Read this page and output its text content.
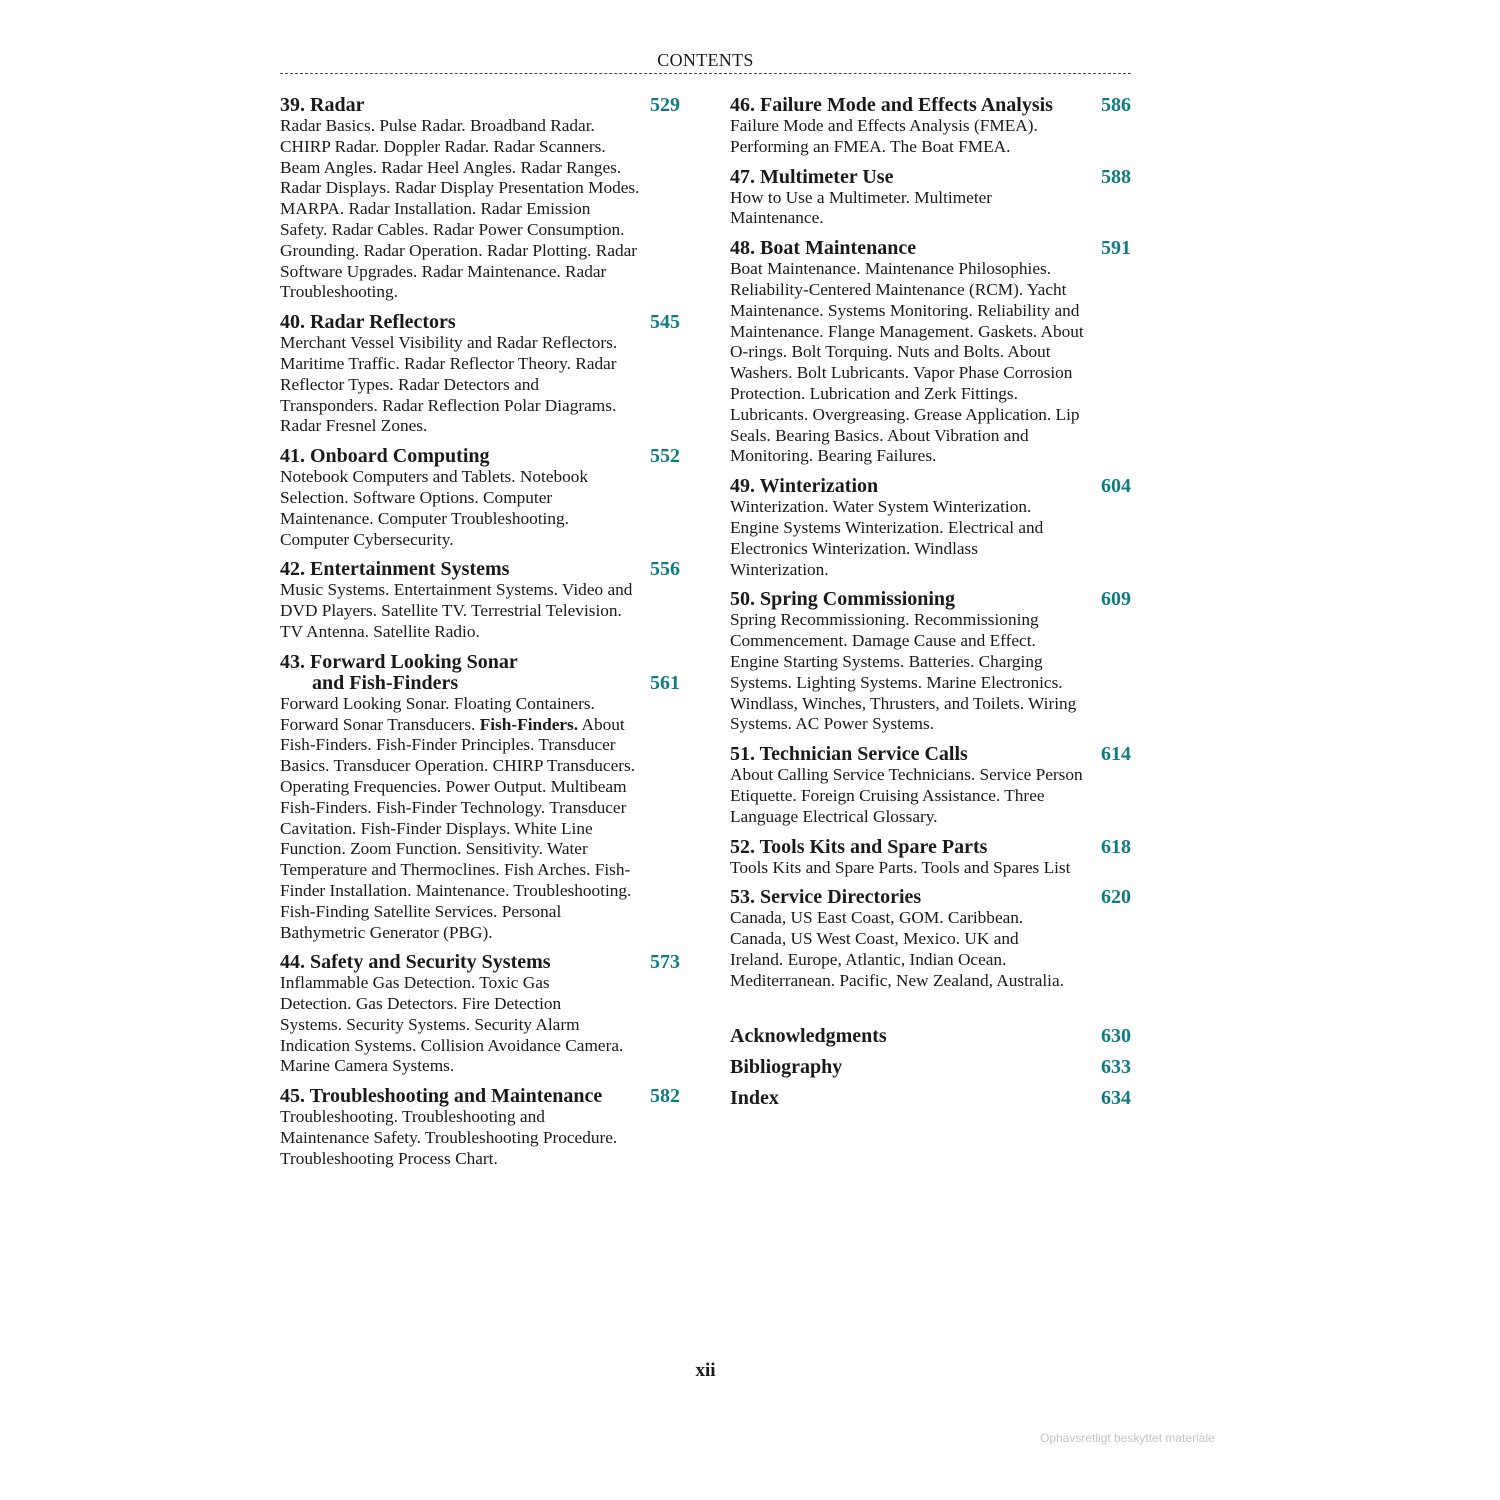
CONTENTS
39. Radar	529
Radar Basics. Pulse Radar. Broadband Radar. CHIRP Radar. Doppler Radar. Radar Scanners. Beam Angles. Radar Heel Angles. Radar Ranges. Radar Displays. Radar Display Presentation Modes. MARPA. Radar Installation. Radar Emission Safety. Radar Cables. Radar Power Consumption. Grounding. Radar Operation. Radar Plotting. Radar Software Upgrades. Radar Maintenance. Radar Troubleshooting.
40. Radar Reflectors	545
Merchant Vessel Visibility and Radar Reflectors. Maritime Traffic. Radar Reflector Theory. Radar Reflector Types. Radar Detectors and Transponders. Radar Reflection Polar Diagrams. Radar Fresnel Zones.
41. Onboard Computing	552
Notebook Computers and Tablets. Notebook Selection. Software Options. Computer Maintenance. Computer Troubleshooting. Computer Cybersecurity.
42. Entertainment Systems	556
Music Systems. Entertainment Systems. Video and DVD Players. Satellite TV. Terrestrial Television. TV Antenna. Satellite Radio.
43. Forward Looking Sonar
and Fish-Finders	561
Forward Looking Sonar. Floating Containers. Forward Sonar Transducers. Fish-Finders. About Fish-Finders. Fish-Finder Principles. Transducer Basics. Transducer Operation. CHIRP Transducers. Operating Frequencies. Power Output. Multibeam Fish-Finders. Fish-Finder Technology. Transducer Cavitation. Fish-Finder Displays. White Line Function. Zoom Function. Sensitivity. Water Temperature and Thermoclines. Fish Arches. Fish-Finder Installation. Maintenance. Troubleshooting. Fish-Finding Satellite Services. Personal Bathymetric Generator (PBG).
44. Safety and Security Systems	573
Inflammable Gas Detection. Toxic Gas Detection. Gas Detectors. Fire Detection Systems. Security Systems. Security Alarm Indication Systems. Collision Avoidance Camera. Marine Camera Systems.
45. Troubleshooting and Maintenance 582
Troubleshooting. Troubleshooting and Maintenance Safety. Troubleshooting Procedure. Troubleshooting Process Chart.
46. Failure Mode and Effects Analysis 586
Failure Mode and Effects Analysis (FMEA). Performing an FMEA. The Boat FMEA.
47. Multimeter Use	588
How to Use a Multimeter. Multimeter Maintenance.
48. Boat Maintenance	591
Boat Maintenance. Maintenance Philosophies. Reliability-Centered Maintenance (RCM). Yacht Maintenance. Systems Monitoring. Reliability and Maintenance. Flange Management. Gaskets. About O-rings. Bolt Torquing. Nuts and Bolts. About Washers. Bolt Lubricants. Vapor Phase Corrosion Protection. Lubrication and Zerk Fittings. Lubricants. Overgreasing. Grease Application. Lip Seals. Bearing Basics. About Vibration and Monitoring. Bearing Failures.
49. Winterization	604
Winterization. Water System Winterization. Engine Systems Winterization. Electrical and Electronics Winterization. Windlass Winterization.
50. Spring Commissioning	609
Spring Recommissioning. Recommissioning Commencement. Damage Cause and Effect. Engine Starting Systems. Batteries. Charging Systems. Lighting Systems. Marine Electronics. Windlass, Winches, Thrusters, and Toilets. Wiring Systems. AC Power Systems.
51. Technician Service Calls	614
About Calling Service Technicians. Service Person Etiquette. Foreign Cruising Assistance. Three Language Electrical Glossary.
52. Tools Kits and Spare Parts	618
Tools Kits and Spare Parts. Tools and Spares List
53. Service Directories	620
Canada, US East Coast, GOM. Caribbean. Canada, US West Coast, Mexico. UK and Ireland. Europe, Atlantic, Indian Ocean. Mediterranean. Pacific, New Zealand, Australia.
Acknowledgments	630
Bibliography	633
Index	634
xii
Ophavsretligt beskyttet materiale
